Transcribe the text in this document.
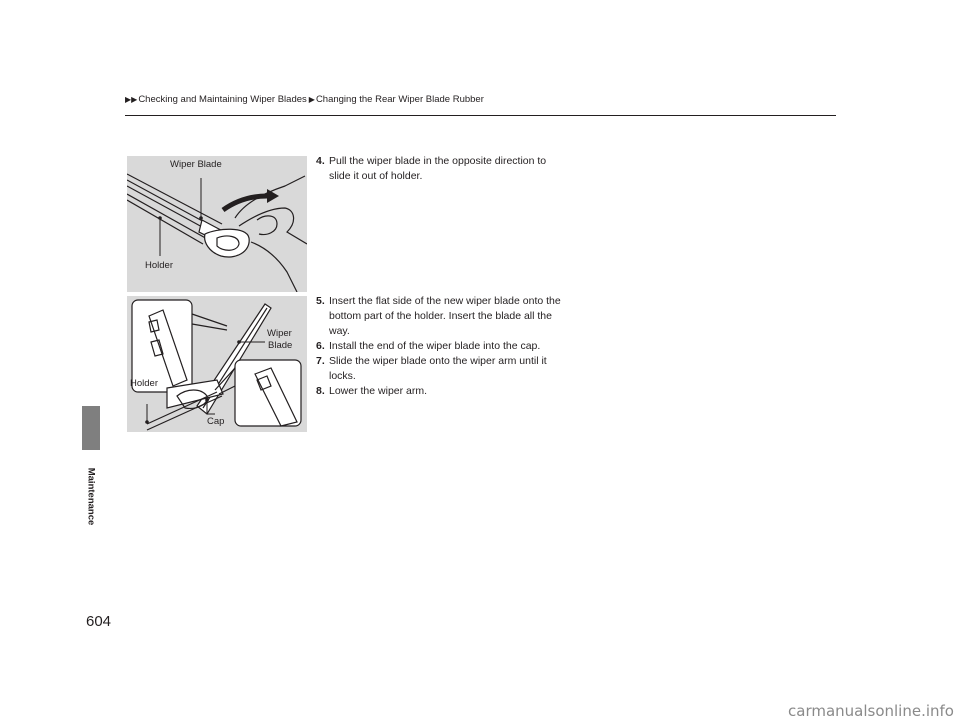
▶▶ Checking and Maintaining Wiper Blades ▶ Changing the Rear Wiper Blade Rubber
Maintenance
Wiper Blade
Holder
4. Pull the wiper blade in the opposite direction to slide it out of holder.
Wiper
Blade
Holder
Cap
5. Insert the flat side of the new wiper blade onto the bottom part of the holder. Insert the blade all the way.
6. Install the end of the wiper blade into the cap.
7. Slide the wiper blade onto the wiper arm until it locks.
8. Lower the wiper arm.
604
carmanualsonline.info
